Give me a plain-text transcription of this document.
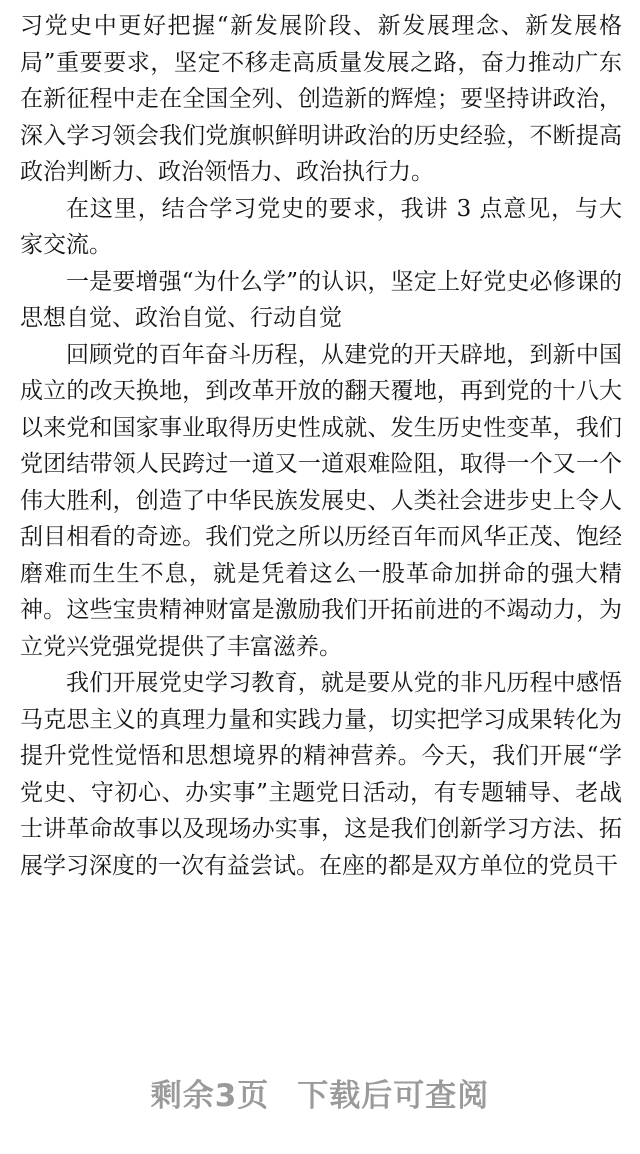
习党史中更好把握“新发展阶段、新发展理念、新发展格局”重要要求，坚定不移走高质量发展之路，奋力推动广东在新征程中走在全国全列、创造新的辉煌；要坚持讲政治，深入学习领会我们党旗帜鲜明讲政治的历史经验，不断提高政治判断力、政治领悟力、政治执行力。

在这里，结合学习党史的要求，我讲 3 点意见，与大家交流。

一是要增强“为什么学”的认识，坚定上好党史必修课的思想自觉、政治自觉、行动自觉

回顾党的百年奋斗历程，从建党的开天辟地，到新中国成立的改天换地，到改革开放的翻天覆地，再到党的十八大以来党和国家事业取得历史性成就、发生历史性变革，我们党团结带领人民跨过一道又一道艰难险阻，取得一个又一个伟大胜利，创造了中华民族发展史、人类社会进步史上令人刮目相看的奇迹。我们党之所以历经百年而风华正茂、饱经磨难而生生不息，就是凭着这么一股革命加拼命的强大精神。这些宝贵精神财富是激励我们开拓前进的不竭动力，为立党兴党强党提供了丰富滋养。

我们开展党史学习教育，就是要从党的非凡历程中感悟马克思主义的真理力量和实践力量，切实把学习成果转化为提升党性觉悟和思想境界的精神营养。今天，我们开展“学党史、守初心、办实事”主题党日活动，有专题辅导、老战士讲革命故事以及现场办实事，这是我们创新学习方法、拓展学习深度的一次有益尝试。在座的都是双方单位的党员干

剩余3页 下载后可查阅
